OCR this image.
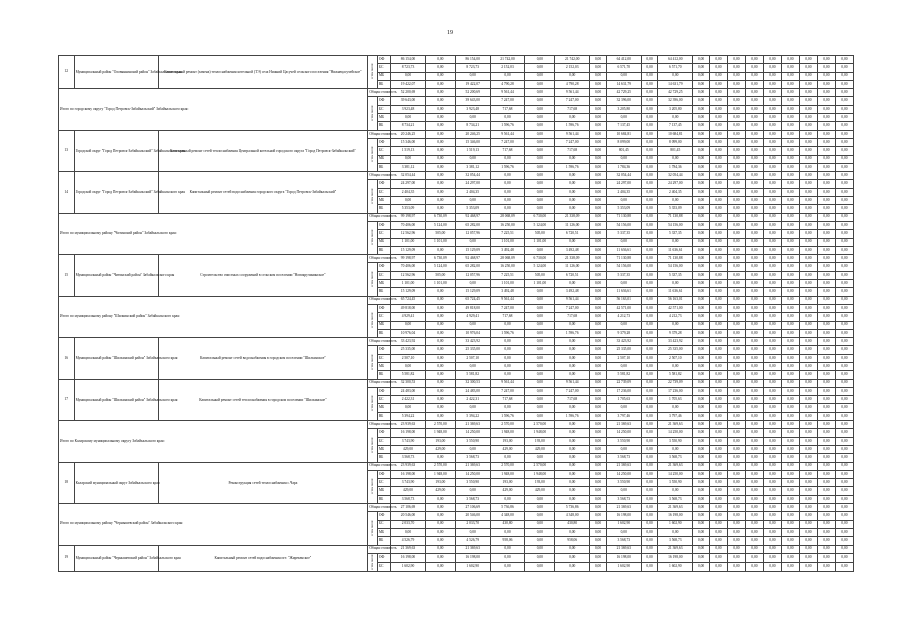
19
12	Муниципальный район "Оловяннинский район" Забайкальского края	Капитальный ремонт (замена) теплоснабжения котельной (ТЭ) села Нижний Цасучей сельского поселения "Нижнецасучейское"	в том числе:	ОФ	86 154,00	0,00	86 154,00	21 742,00	0,00	21 742,00	0,00	64 412,00	0,00	64 412,00	0,00	0,00	0,00	0,00	0,00	0,00	0,00	0,00	0,00
				БС	8 723,73	0,00	8 723,73	2 152,03	0,00	2 152,03	0,00	6 571,70	0,00	6 571,70	0,00	0,00	0,00	0,00	0,00	0,00	0,00	0,00	0,00
				МБ	0,00	0,00	0,00	0,00	0,00	0,00	0,00	0,00	0,00	0,00	0,00	0,00	0,00	0,00	0,00	0,00	0,00	0,00	0,00
				ВБ	19 422,07	0,00	19 422,07	4 790,28	0,00	4 790,28	0,00	14 631,79	0,00	14 631,79	0,00	0,00	0,00	0,00	0,00	0,00	0,00	0,00	0,00
Итого по городскому округу "Город Петровск-Забайкальский" Забайкальского края:			Общая стоимость		52 200,69	0,00	52 200,69	9 561,44	0,00	9 561,44	0,00	42 729,25	0,00	42 729,25	0,00	0,00	0,00	0,00	0,00	0,00	0,00	0,00	0,00
			в том числе:	ОФ	39 643,00	0,00	39 643,00	7 247,00	0,00	7 247,00	0,00	32 396,00	0,00	32 396,00	0,00	0,00	0,00	0,00	0,00	0,00	0,00	0,00	0,00
				БС	3 923,48	0,00	3 923,48	717,68	0,00	717,68	0,00	3 205,80	0,00	3 205,80	0,00	0,00	0,00	0,00	0,00	0,00	0,00	0,00	0,00
				МБ	0,00	0,00	0,00	0,00	0,00	0,00	0,00	0,00	0,00	0,00	0,00	0,00	0,00	0,00	0,00	0,00	0,00	0,00	0,00
				ВБ	8 734,21	0,00	8 734,21	1 596,76	0,00	1 596,76	0,00	7 137,45	0,00	7 137,45	0,00	0,00	0,00	0,00	0,00	0,00	0,00	0,00	0,00
13	Городской округ "Город Петровск-Забайкальский" Забайкальского края	Капитальный ремонт сетей теплоснабжения Центральной котельной городского округа "Город Петровск-Забайкальский"	Общая стоимость		20 246,25	0,00	20 246,25	9 561,44	0,00	9 561,44	0,00	10 684,81	0,00	10 684,81	0,00	0,00	0,00	0,00	0,00	0,00	0,00	0,00	0,00
			в том числе:	ОФ	15 346,00	0,00	15 346,00	7 247,00	0,00	7 247,00	0,00	8 099,00	0,00	8 099,00	0,00	0,00	0,00	0,00	0,00	0,00	0,00	0,00	0,00
				БС	1 519,13	0,00	1 519,13	717,68	0,00	717,68	0,00	801,45	0,00	801,45	0,00	0,00	0,00	0,00	0,00	0,00	0,00	0,00	0,00
				МБ	0,00	0,00	0,00	0,00	0,00	0,00	0,00	0,00	0,00	0,00	0,00	0,00	0,00	0,00	0,00	0,00	0,00	0,00	0,00
				ВБ	3 381,12	0,00	3 381,12	1 596,76	0,00	1 596,76	0,00	1 784,36	0,00	1 784,36	0,00	0,00	0,00	0,00	0,00	0,00	0,00	0,00	0,00
14	Городской округ "Город Петровск-Забайкальский" Забайкальского края	Капитальный ремонт сетей водоснабжения городского округа "Город Петровск-Забайкальский"	Общая стоимость		32 054,44	0,00	32 054,44	0,00	0,00	0,00	0,00	32 054,44	0,00	32 054,44	0,00	0,00	0,00	0,00	0,00	0,00	0,00	0,00	0,00
			в том числе:	ОФ	24 297,00	0,00	24 297,00	0,00	0,00	0,00	0,00	24 297,00	0,00	24 297,00	0,00	0,00	0,00	0,00	0,00	0,00	0,00	0,00	0,00
				БС	2 404,35	0,00	2 404,35	0,00	0,00	0,00	0,00	2 404,35	0,00	2 404,35	0,00	0,00	0,00	0,00	0,00	0,00	0,00	0,00	0,00
				МБ	0,00	0,00	0,00	0,00	0,00	0,00	0,00	0,00	0,00	0,00	0,00	0,00	0,00	0,00	0,00	0,00	0,00	0,00	0,00
				ВБ	5 353,09	0,00	5 353,09	0,00	0,00	0,00	0,00	5 353,09	0,00	5 353,09	0,00	0,00	0,00	0,00	0,00	0,00	0,00	0,00	0,00
Итого по муниципальному району "Читинский район" Забайкальского края:			Общая стоимость		99 198,97	6 730,09	92 468,97	28 068,09	6 730,00	21 338,09	0,00	71 130,88	0,00	71 130,88	0,00	0,00	0,00	0,00	0,00	0,00	0,00	0,00	0,00
			в том числе:	ОФ	70 406,00	5 124,00	65 282,00	16 250,00	5 124,00	11 126,00	0,00	54 156,00	0,00	54 156,00	0,00	0,00	0,00	0,00	0,00	0,00	0,00	0,00	0,00
				БС	12 562,96	505,00	12 057,96	7 225,51	505,00	6 720,51	0,00	5 337,35	0,00	5 337,35	0,00	0,00	0,00	0,00	0,00	0,00	0,00	0,00	0,00
				МБ	1 101,00	1 101,00	0,00	1 101,00	1 101,00	0,00	0,00	0,00	0,00	0,00	0,00	0,00	0,00	0,00	0,00	0,00	0,00	0,00	0,00
				ВБ	15 129,09	0,00	15 129,09	3 492,48	0,00	3 492,48	0,00	11 636,61	0,00	11 636,61	0,00	0,00	0,00	0,00	0,00	0,00	0,00	0,00	0,00
15	Муниципальный район "Читинский район" Забайкальского края	Строительство очистных сооружений в сельском поселении "Новокручининское"	Общая стоимость		99 198,97	6 730,09	92 468,97	28 068,09	6 730,00	21 338,09	0,00	71 130,88	0,00	71 130,88	0,00	0,00	0,00	0,00	0,00	0,00	0,00	0,00	0,00
			в том числе:	ОФ	70 406,00	5 124,00	65 282,00	16 250,00	5 124,00	11 126,00	0,00	54 156,00	0,00	54 156,00	0,00	0,00	0,00	0,00	0,00	0,00	0,00	0,00	0,00
				БС	12 562,96	505,00	12 057,96	7 225,51	505,00	6 720,51	0,00	5 337,35	0,00	5 337,35	0,00	0,00	0,00	0,00	0,00	0,00	0,00	0,00	0,00
				МБ	1 101,00	1 101,00	0,00	1 101,00	1 101,00	0,00	0,00	0,00	0,00	0,00	0,00	0,00	0,00	0,00	0,00	0,00	0,00	0,00	0,00
				ВБ	15 129,09	0,00	15 129,09	3 492,48	0,00	3 492,48	0,00	11 636,61	0,00	11 636,61	0,00	0,00	0,00	0,00	0,00	0,00	0,00	0,00	0,00
Итого по муниципальному району "Шилкинский район" Забайкальского края:			Общая стоимость		65 724,45	0,00	65 724,45	9 561,44	0,00	9 561,44	0,00	56 163,01	0,00	56 163,01	0,00	0,00	0,00	0,00	0,00	0,00	0,00	0,00	0,00
			в том числе:	ОФ	49 818,00	0,00	49 818,00	7 247,00	0,00	7 247,00	0,00	42 571,00	0,00	42 571,00	0,00	0,00	0,00	0,00	0,00	0,00	0,00	0,00	0,00
				БС	4 929,41	0,00	4 929,41	717,68	0,00	717,68	0,00	4 212,73	0,00	4 212,73	0,00	0,00	0,00	0,00	0,00	0,00	0,00	0,00	0,00
				МБ	0,00	0,00	0,00	0,00	0,00	0,00	0,00	0,00	0,00	0,00	0,00	0,00	0,00	0,00	0,00	0,00	0,00	0,00	0,00
				ВБ	10 976,04	0,00	10 976,04	1 596,76	0,00	1 596,76	0,00	9 379,28	0,00	9 379,28	0,00	0,00	0,00	0,00	0,00	0,00	0,00	0,00	0,00
16	Муниципальный район "Шилкинский район" Забайкальского края	Капитальный ремонт сетей водоснабжения в городском поселении "Шилкинское"	Общая стоимость		33 423,92	0,00	33 423,92	0,00	0,00	0,00	0,00	33 423,92	0,00	33 423,92	0,00	0,00	0,00	0,00	0,00	0,00	0,00	0,00	0,00
			в том числе:	ОФ	25 335,00	0,00	25 335,00	0,00	0,00	0,00	0,00	25 335,00	0,00	25 335,00	0,00	0,00	0,00	0,00	0,00	0,00	0,00	0,00	0,00
				БС	2 507,10	0,00	2 507,10	0,00	0,00	0,00	0,00	2 507,10	0,00	2 507,10	0,00	0,00	0,00	0,00	0,00	0,00	0,00	0,00	0,00
				МБ	0,00	0,00	0,00	0,00	0,00	0,00	0,00	0,00	0,00	0,00	0,00	0,00	0,00	0,00	0,00	0,00	0,00	0,00	0,00
				ВБ	5 581,82	0,00	5 581,82	0,00	0,00	0,00	0,00	5 581,82	0,00	5 581,82	0,00	0,00	0,00	0,00	0,00	0,00	0,00	0,00	0,00
17	Муниципальный район "Шилкинский район" Забайкальского края	Капитальный ремонт сетей теплоснабжения в городском поселении "Шилкинское"	Общая стоимость		32 300,53	0,00	32 300,53	9 561,44	0,00	9 561,44	0,00	22 739,09	0,00	22 739,09	0,00	0,00	0,00	0,00	0,00	0,00	0,00	0,00	0,00
			в том числе:	ОФ	24 483,00	0,00	24 483,00	7 247,00	0,00	7 247,00	0,00	17 236,00	0,00	17 236,00	0,00	0,00	0,00	0,00	0,00	0,00	0,00	0,00	0,00
				БС	2 422,31	0,00	2 422,31	717,68	0,00	717,68	0,00	1 705,63	0,00	1 705,63	0,00	0,00	0,00	0,00	0,00	0,00	0,00	0,00	0,00
				МБ	0,00	0,00	0,00	0,00	0,00	0,00	0,00	0,00	0,00	0,00	0,00	0,00	0,00	0,00	0,00	0,00	0,00	0,00	0,00
				ВБ	5 394,22	0,00	5 394,22	1 596,76	0,00	1 596,76	0,00	3 797,46	0,00	3 797,46	0,00	0,00	0,00	0,00	0,00	0,00	0,00	0,00	0,00
Итого по Каларскому муниципальному округу Забайкальского края:			Общая стоимость		23 939,63	2 570,00	21 369,63	2 570,00	2 570,00	0,00	0,00	21 369,63	0,00	21 369,63	0,00	0,00	0,00	0,00	0,00	0,00	0,00	0,00	0,00
			в том числе:	ОФ	16 198,00	1 948,00	14 250,00	1 948,00	1 948,00	0,00	0,00	14 250,00	0,00	14 250,00	0,00	0,00	0,00	0,00	0,00	0,00	0,00	0,00	0,00
				БС	3 743,90	193,00	3 550,90	193,00	193,00	0,00	0,00	3 550,90	0,00	3 550,90	0,00	0,00	0,00	0,00	0,00	0,00	0,00	0,00	0,00
				МБ	429,00	429,00	0,00	429,00	429,00	0,00	0,00	0,00	0,00	0,00	0,00	0,00	0,00	0,00	0,00	0,00	0,00	0,00	0,00
				ВБ	3 568,73	0,00	3 568,73	0,00	0,00	0,00	0,00	3 568,73	0,00	3 568,73	0,00	0,00	0,00	0,00	0,00	0,00	0,00	0,00	0,00
18	Каларский муниципальный округ Забайкальского края	Реконструкция сетей теплоснабжения с.Чара	Общая стоимость		23 939,63	2 570,00	21 369,63	2 570,00	2 570,00	0,00	0,00	21 369,63	0,00	21 369,63	0,00	0,00	0,00	0,00	0,00	0,00	0,00	0,00	0,00
			в том числе:	ОФ	16 198,00	1 948,00	14 250,00	1 948,00	1 948,00	0,00	0,00	14 250,00	0,00	14 250,00	0,00	0,00	0,00	0,00	0,00	0,00	0,00	0,00	0,00
				БС	3 743,90	193,00	3 550,90	193,00	193,00	0,00	0,00	3 550,90	0,00	3 550,90	0,00	0,00	0,00	0,00	0,00	0,00	0,00	0,00	0,00
				МБ	429,00	429,00	0,00	429,00	429,00	0,00	0,00	0,00	0,00	0,00	0,00	0,00	0,00	0,00	0,00	0,00	0,00	0,00	0,00
				ВБ	3 568,73	0,00	3 568,73	0,00	0,00	0,00	0,00	3 568,73	0,00	3 568,73	0,00	0,00	0,00	0,00	0,00	0,00	0,00	0,00	0,00
Итого по муниципальному району "Чернышевский район" Забайкальского края:			Общая стоимость		27 106,69	0,00	27 106,69	5 736,86	0,00	5 736,86	0,00	21 369,63	0,00	21 369,63	0,00	0,00	0,00	0,00	0,00	0,00	0,00	0,00	0,00
			в том числе:	ОФ	20 546,00	0,00	20 546,00	4 348,00	0,00	4 348,00	0,00	16 198,00	0,00	16 198,00	0,00	0,00	0,00	0,00	0,00	0,00	0,00	0,00	0,00
				БС	2 033,70	0,00	2 033,70	430,80	0,00	430,80	0,00	1 602,90	0,00	1 602,90	0,00	0,00	0,00	0,00	0,00	0,00	0,00	0,00	0,00
				МБ	0,00	0,00	0,00	0,00	0,00	0,00	0,00	0,00	0,00	0,00	0,00	0,00	0,00	0,00	0,00	0,00	0,00	0,00	0,00
				ВБ	4 526,79	0,00	4 526,79	958,06	0,00	958,06	0,00	3 568,73	0,00	3 568,73	0,00	0,00	0,00	0,00	0,00	0,00	0,00	0,00	0,00
19	Муниципальный район "Чернышевский район" Забайкальского края	Капитальный ремонт сетей водоснабжения пгт. "Жирекенское"	Общая стоимость		21 369,63	0,00	21 369,63	0,00	0,00	0,00	0,00	21 369,63	0,00	21 369,63	0,00	0,00	0,00	0,00	0,00	0,00	0,00	0,00	0,00
			в том числе:	ОФ	16 198,00	0,00	16 198,00	0,00	0,00	0,00	0,00	16 198,00	0,00	16 198,00	0,00	0,00	0,00	0,00	0,00	0,00	0,00	0,00	0,00
				БС	1 602,90	0,00	1 602,90	0,00	0,00	0,00	0,00	1 602,90	0,00	1 602,90	0,00	0,00	0,00	0,00	0,00	0,00	0,00	0,00	0,00
